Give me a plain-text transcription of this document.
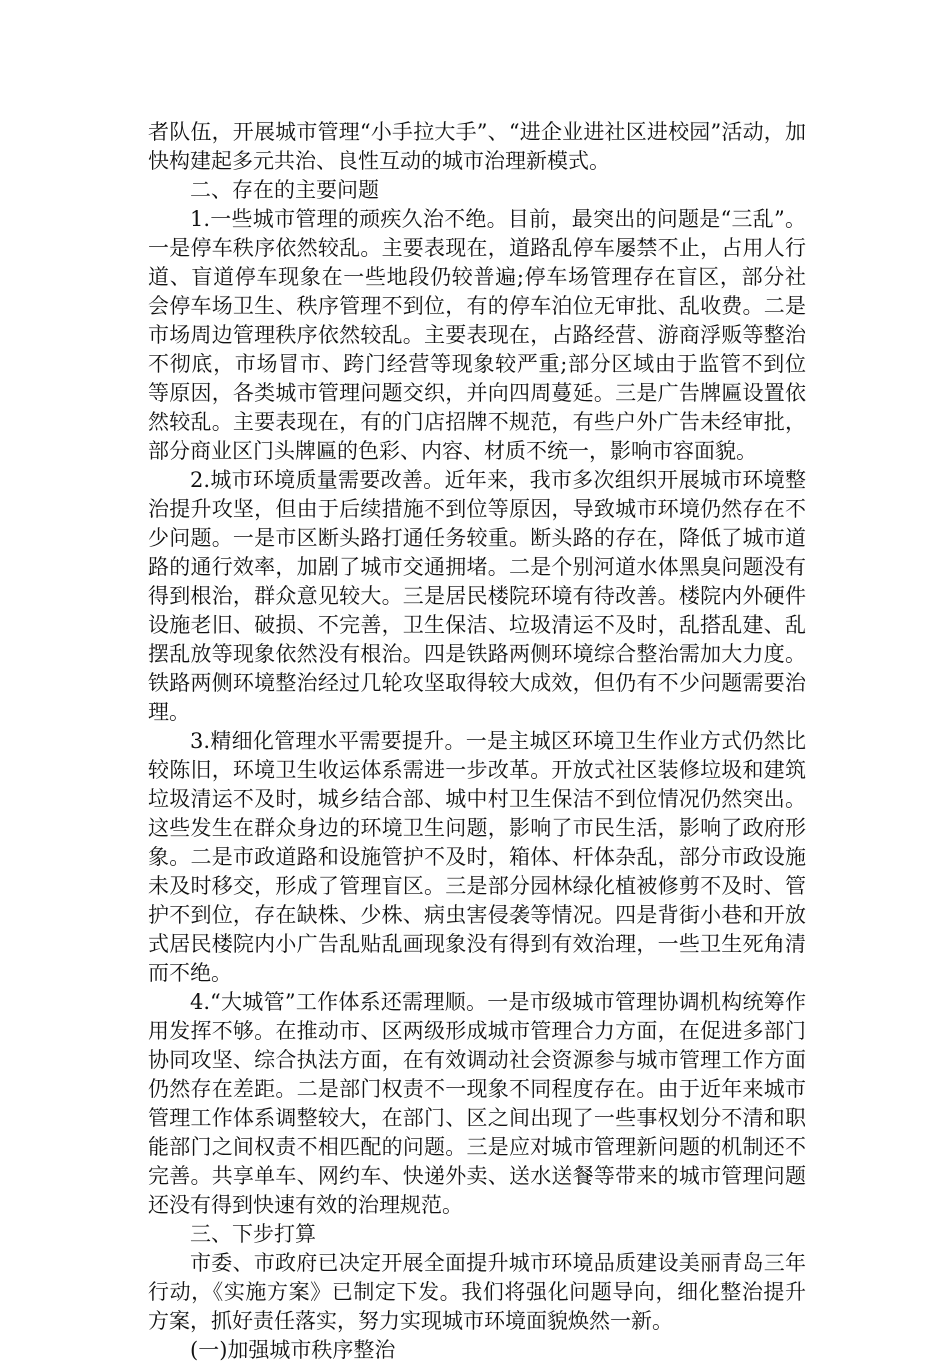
者队伍，开展城市管理“小手拉大手”、“进企业进社区进校园”活动，加快构建起多元共治、良性互动的城市治理新模式。

二、存在的主要问题

1.一些城市管理的顽疾久治不绝。目前，最突出的问题是“三乱”。一是停车秩序依然较乱。主要表现在，道路乱停车屡禁不止，占用人行道、盲道停车现象在一些地段仍较普遍;停车场管理存在盲区，部分社会停车场卫生、秩序管理不到位，有的停车泊位无审批、乱收费。二是市场周边管理秩序依然较乱。主要表现在，占路经营、游商浮贩等整治不彻底，市场冒市、跨门经营等现象较严重;部分区域由于监管不到位等原因，各类城市管理问题交织，并向四周蔓延。三是广告牌匾设置依然较乱。主要表现在，有的门店招牌不规范，有些户外广告未经审批，部分商业区门头牌匾的色彩、内容、材质不统一，影响市容面貌。

2.城市环境质量需要改善。近年来，我市多次组织开展城市环境整治提升攻坚，但由于后续措施不到位等原因，导致城市环境仍然存在不少问题。一是市区断头路打通任务较重。断头路的存在，降低了城市道路的通行效率，加剧了城市交通拥堵。二是个别河道水体黑臭问题没有得到根治，群众意见较大。三是居民楼院环境有待改善。楼院内外硬件设施老旧、破损、不完善，卫生保洁、垃圾清运不及时，乱搭乱建、乱摆乱放等现象依然没有根治。四是铁路两侧环境综合整治需加大力度。铁路两侧环境整治经过几轮攻坚取得较大成效，但仍有不少问题需要治理。

3.精细化管理水平需要提升。一是主城区环境卫生作业方式仍然比较陈旧，环境卫生收运体系需进一步改革。开放式社区装修垃圾和建筑垃圾清运不及时，城乡结合部、城中村卫生保洁不到位情况仍然突出。这些发生在群众身边的环境卫生问题，影响了市民生活，影响了政府形象。二是市政道路和设施管护不及时，箱体、杆体杂乱，部分市政设施未及时移交，形成了管理盲区。三是部分园林绿化植被修剪不及时、管护不到位，存在缺株、少株、病虫害侵袭等情况。四是背街小巷和开放式居民楼院内小广告乱贴乱画现象没有得到有效治理，一些卫生死角清而不绝。

4.“大城管”工作体系还需理顺。一是市级城市管理协调机构统筹作用发挥不够。在推动市、区两级形成城市管理合力方面，在促进多部门协同攻坚、综合执法方面，在有效调动社会资源参与城市管理工作方面仍然存在差距。二是部门权责不一现象不同程度存在。由于近年来城市管理工作体系调整较大，在部门、区之间出现了一些事权划分不清和职能部门之间权责不相匹配的问题。三是应对城市管理新问题的机制还不完善。共享单车、网约车、快递外卖、送水送餐等带来的城市管理问题还没有得到快速有效的治理规范。

三、下步打算

市委、市政府已决定开展全面提升城市环境品质建设美丽青岛三年行动，《实施方案》已制定下发。我们将强化问题导向，细化整治提升方案，抓好责任落实，努力实现城市环境面貌焕然一新。

(一)加强城市秩序整治
